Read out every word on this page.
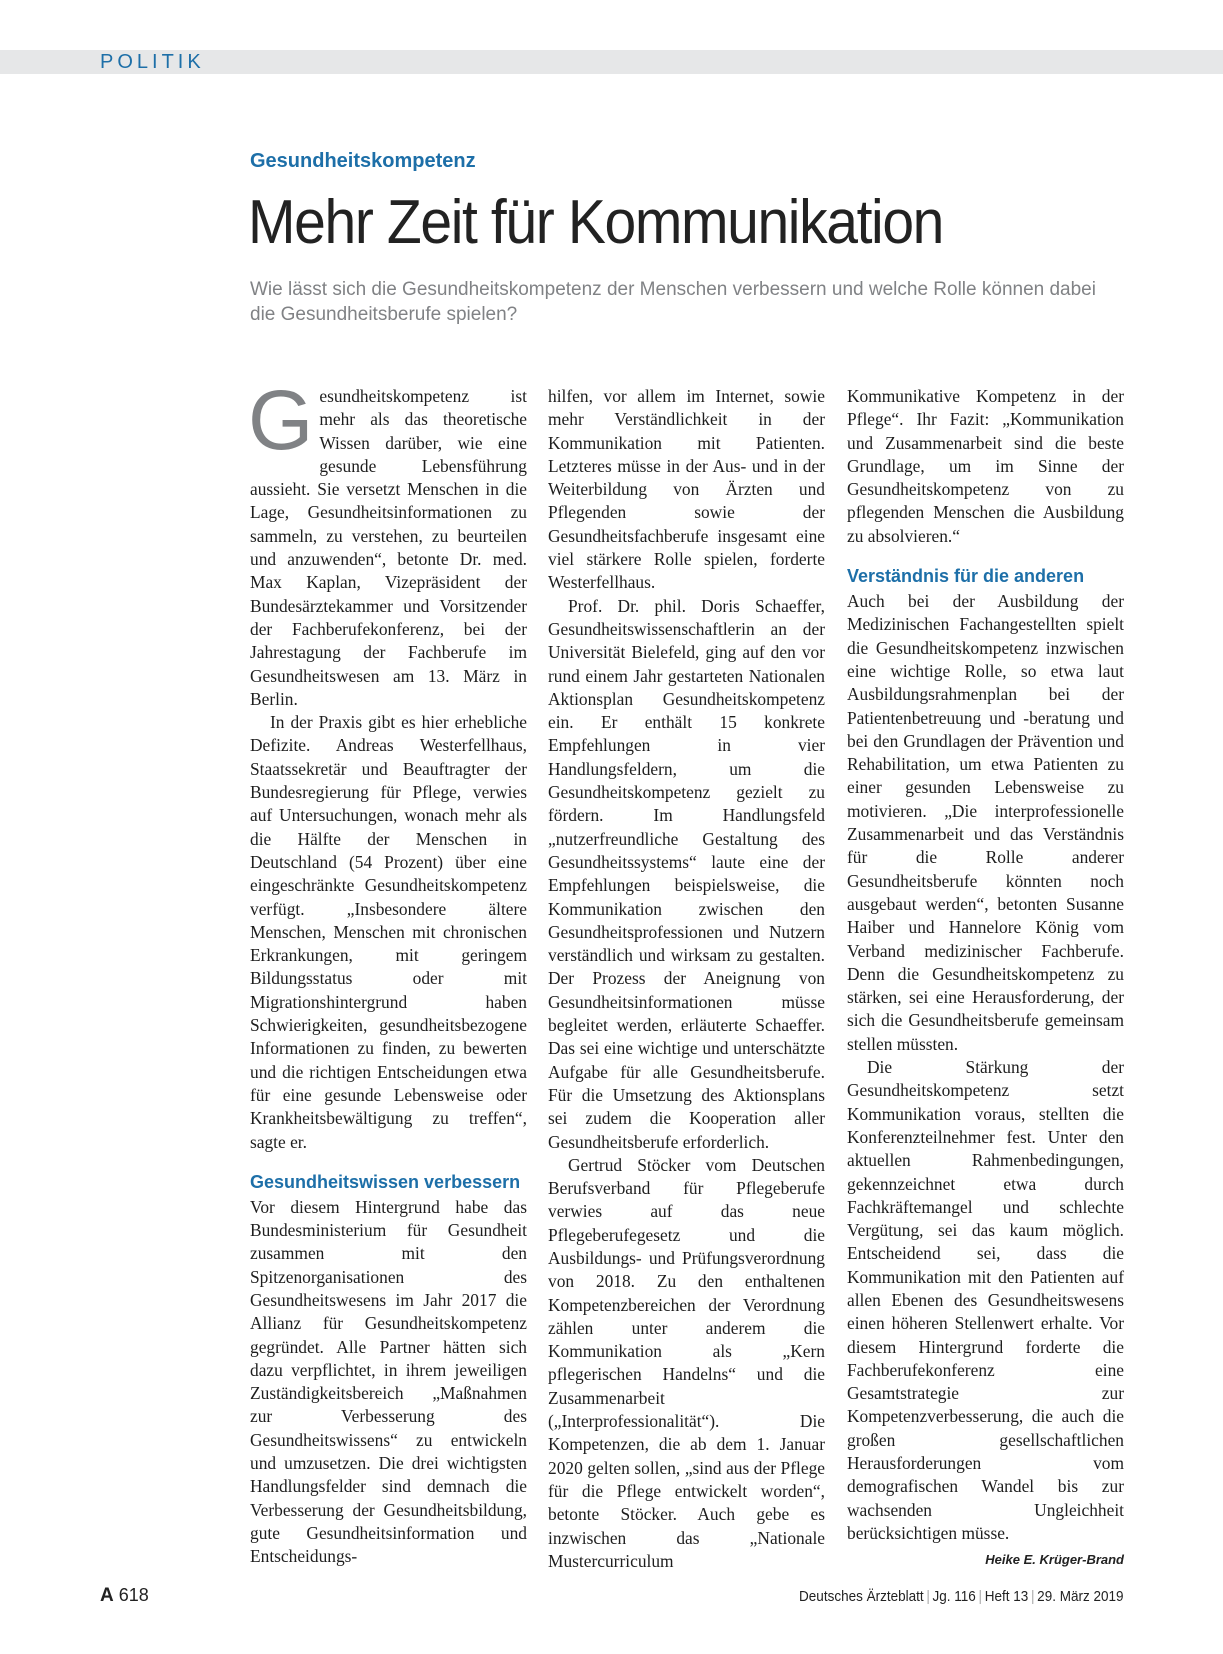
POLITIK
Gesundheitskompetenz
Mehr Zeit für Kommunikation
Wie lässt sich die Gesundheitskompetenz der Menschen verbessern und welche Rolle können dabei die Gesundheitsberufe spielen?

Gesundheitskompetenz ist mehr als das theoretische Wissen darüber, wie eine gesunde Lebensführung aussieht. Sie versetzt Menschen in die Lage, Gesundheitsinformationen zu sammeln, zu verstehen, zu beurteilen und anzuwenden“, betonte Dr. med. Max Kaplan, Vizepräsident der Bundesärztekammer und Vorsitzender der Fachberufekonferenz, bei der Jahrestagung der Fachberufe im Gesundheitswesen am 13. März in Berlin.

In der Praxis gibt es hier erhebliche Defizite. Andreas Westerfellhaus, Staatssekretär und Beauftragter der Bundesregierung für Pflege, verwies auf Untersuchungen, wonach mehr als die Hälfte der Menschen in Deutschland (54 Prozent) über eine eingeschränkte Gesundheitskompetenz verfügt. „Insbesondere ältere Menschen, Menschen mit chronischen Erkrankungen, mit geringem Bildungsstatus oder mit Migrationshintergrund haben Schwierigkeiten, gesundheitsbezogene Informationen zu finden, zu bewerten und die richtigen Entscheidungen etwa für eine gesunde Lebensweise oder Krankheitsbewältigung zu treffen“, sagte er.

Gesundheitswissen verbessern

Vor diesem Hintergrund habe das Bundesministerium für Gesundheit zusammen mit den Spitzenorganisationen des Gesundheitswesens im Jahr 2017 die Allianz für Gesundheitskompetenz gegründet. Alle Partner hätten sich dazu verpflichtet, in ihrem jeweiligen Zuständigkeitsbereich „Maßnahmen zur Verbesserung des Gesundheitswissens“ zu entwickeln und umzusetzen. Die drei wichtigsten Handlungsfelder sind demnach die Verbesserung der Gesundheitsbildung, gute Gesundheitsinformation und Entscheidungs-

hilfen, vor allem im Internet, sowie mehr Verständlichkeit in der Kommunikation mit Patienten. Letzteres müsse in der Aus- und in der Weiterbildung von Ärzten und Pflegenden sowie der Gesundheitsfachberufe insgesamt eine viel stärkere Rolle spielen, forderte Westerfellhaus.

Prof. Dr. phil. Doris Schaeffer, Gesundheitswissenschaftlerin an der Universität Bielefeld, ging auf den vor rund einem Jahr gestarteten Nationalen Aktionsplan Gesundheitskompetenz ein. Er enthält 15 konkrete Empfehlungen in vier Handlungsfeldern, um die Gesundheitskompetenz gezielt zu fördern. Im Handlungsfeld „nutzerfreundliche Gestaltung des Gesundheitssystems“ laute eine der Empfehlungen beispielsweise, die Kommunikation zwischen den Gesundheitsprofessionen und Nutzern verständlich und wirksam zu gestalten. Der Prozess der Aneignung von Gesundheitsinformationen müsse begleitet werden, erläuterte Schaeffer. Das sei eine wichtige und unterschätzte Aufgabe für alle Gesundheitsberufe. Für die Umsetzung des Aktionsplans sei zudem die Kooperation aller Gesundheitsberufe erforderlich.

Gertrud Stöcker vom Deutschen Berufsverband für Pflegeberufe verwies auf das neue Pflegeberufegesetz und die Ausbildungs- und Prüfungsverordnung von 2018. Zu den enthaltenen Kompetenzbereichen der Verordnung zählen unter anderem die Kommunikation als „Kern pflegerischen Handelns“ und die Zusammenarbeit („Interprofessionalität“). Die Kompetenzen, die ab dem 1. Januar 2020 gelten sollen, „sind aus der Pflege für die Pflege entwickelt worden“, betonte Stöcker. Auch gebe es inzwischen das „Nationale Mustercurriculum

Kommunikative Kompetenz in der Pflege“. Ihr Fazit: „Kommunikation und Zusammenarbeit sind die beste Grundlage, um im Sinne der Gesundheitskompetenz von zu pflegenden Menschen die Ausbildung zu absolvieren.“

Verständnis für die anderen

Auch bei der Ausbildung der Medizinischen Fachangestellten spielt die Gesundheitskompetenz inzwischen eine wichtige Rolle, so etwa laut Ausbildungsrahmenplan bei der Patientenbetreuung und -beratung und bei den Grundlagen der Prävention und Rehabilitation, um etwa Patienten zu einer gesunden Lebensweise zu motivieren. „Die interprofessionelle Zusammenarbeit und das Verständnis für die Rolle anderer Gesundheitsberufe könnten noch ausgebaut werden“, betonten Susanne Haiber und Hannelore König vom Verband medizinischer Fachberufe. Denn die Gesundheitskompetenz zu stärken, sei eine Herausforderung, der sich die Gesundheitsberufe gemeinsam stellen müssten.

Die Stärkung der Gesundheitskompetenz setzt Kommunikation voraus, stellten die Konferenzteilnehmer fest. Unter den aktuellen Rahmenbedingungen, gekennzeichnet etwa durch Fachkräftemangel und schlechte Vergütung, sei das kaum möglich. Entscheidend sei, dass die Kommunikation mit den Patienten auf allen Ebenen des Gesundheitswesens einen höheren Stellenwert erhalte. Vor diesem Hintergrund forderte die Fachberufekonferenz eine Gesamtstrategie zur Kompetenzverbesserung, die auch die großen gesellschaftlichen Herausforderungen vom demografischen Wandel bis zur wachsenden Ungleichheit berücksichtigen müsse.
Heike E. Krüger-Brand

A 618	Deutsches Ärzteblatt | Jg. 116 | Heft 13 | 29. März 2019
